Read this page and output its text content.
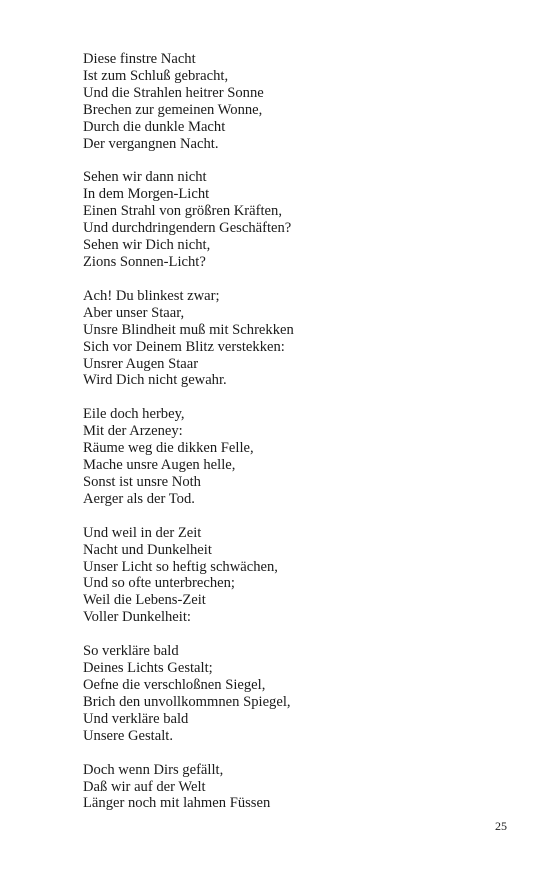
Diese finstre Nacht
Ist zum Schluß gebracht,
Und die Strahlen heitrer Sonne
Brechen zur gemeinen Wonne,
Durch die dunkle Macht
Der vergangnen Nacht.
Sehen wir dann nicht
In dem Morgen-Licht
Einen Strahl von größren Kräften,
Und durchdringendern Geschäften?
Sehen wir Dich nicht,
Zions Sonnen-Licht?
Ach! Du blinkest zwar;
Aber unser Staar,
Unsre Blindheit muß mit Schrekken
Sich vor Deinem Blitz verstekken:
Unsrer Augen Staar
Wird Dich nicht gewahr.
Eile doch herbey,
Mit der Arzeney:
Räume weg die dikken Felle,
Mache unsre Augen helle,
Sonst ist unsre Noth
Aerger als der Tod.
Und weil in der Zeit
Nacht und Dunkelheit
Unser Licht so heftig schwächen,
Und so ofte unterbrechen;
Weil die Lebens-Zeit
Voller Dunkelheit:
So verkläre bald
Deines Lichts Gestalt;
Oefne die verschloßnen Siegel,
Brich den unvollkommnen Spiegel,
Und verkläre bald
Unsere Gestalt.
Doch wenn Dirs gefällt,
Daß wir auf der Welt
Länger noch mit lahmen Füssen
25
